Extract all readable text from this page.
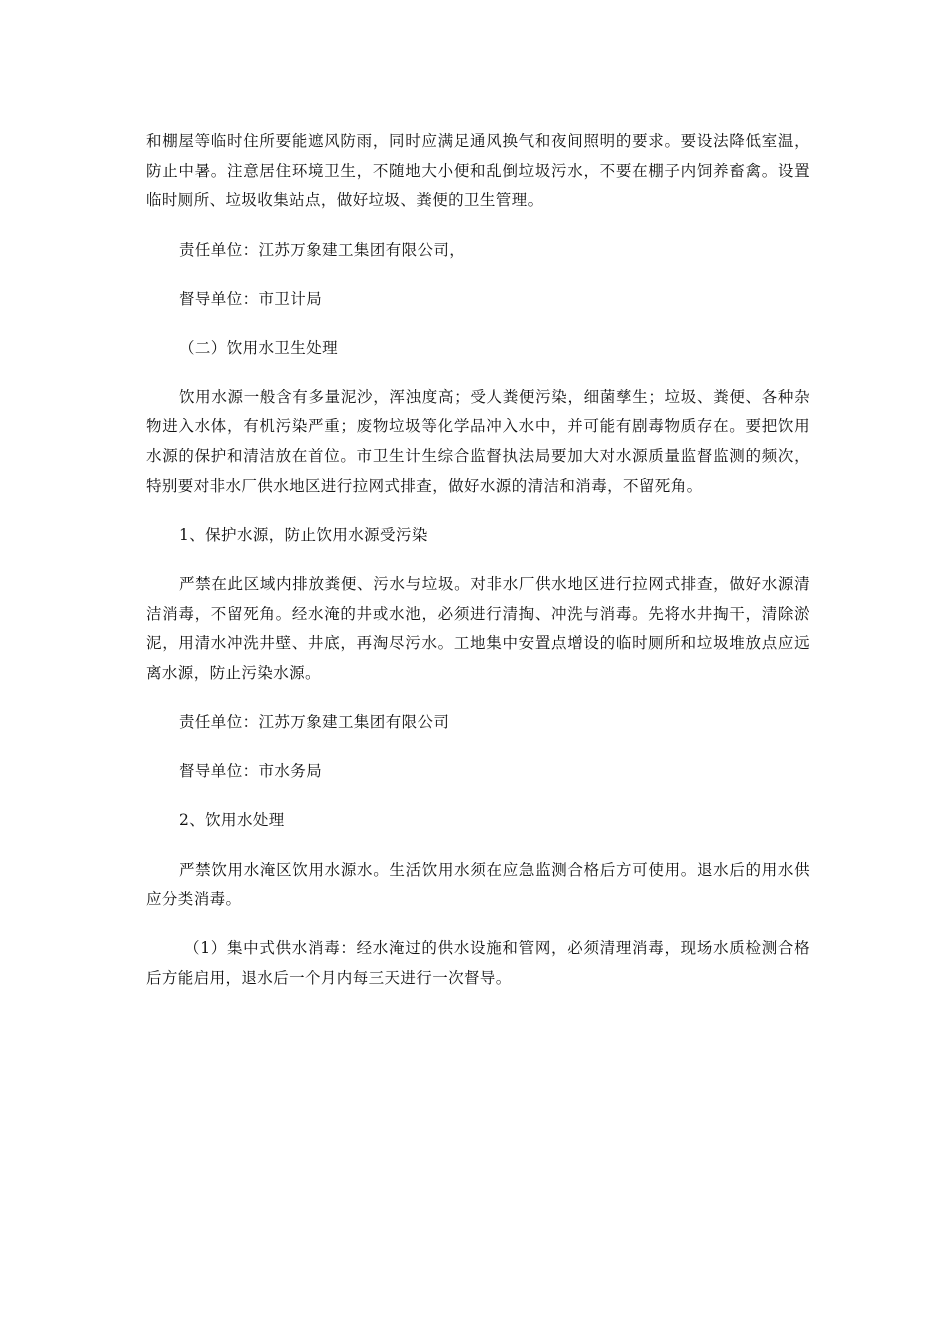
和棚屋等临时住所要能遮风防雨，同时应满足通风换气和夜间照明的要求。要设法降低室温，防止中暑。注意居住环境卫生，不随地大小便和乱倒垃圾污水，不要在棚子内饲养畜禽。设置临时厕所、垃圾收集站点，做好垃圾、粪便的卫生管理。

责任单位：江苏万象建工集团有限公司，

督导单位：市卫计局

（二）饮用水卫生处理

饮用水源一般含有多量泥沙，浑浊度高；受人粪便污染，细菌孳生；垃圾、粪便、各种杂物进入水体，有机污染严重；废物垃圾等化学品冲入水中，并可能有剧毒物质存在。要把饮用水源的保护和清洁放在首位。市卫生计生综合监督执法局要加大对水源质量监督监测的频次，特别要对非水厂供水地区进行拉网式排查，做好水源的清洁和消毒，不留死角。

1、保护水源，防止饮用水源受污染

严禁在此区域内排放粪便、污水与垃圾。对非水厂供水地区进行拉网式排查，做好水源清洁消毒，不留死角。经水淹的井或水池，必须进行清掏、冲洗与消毒。先将水井掏干，清除淤泥，用清水冲洗井壁、井底，再淘尽污水。工地集中安置点增设的临时厕所和垃圾堆放点应远离水源，防止污染水源。

责任单位：江苏万象建工集团有限公司

督导单位：市水务局

2、饮用水处理

严禁饮用水淹区饮用水源水。生活饮用水须在应急监测合格后方可使用。退水后的用水供应分类消毒。

（1）集中式供水消毒：经水淹过的供水设施和管网，必须清理消毒，现场水质检测合格后方能启用，退水后一个月内每三天进行一次督导。
